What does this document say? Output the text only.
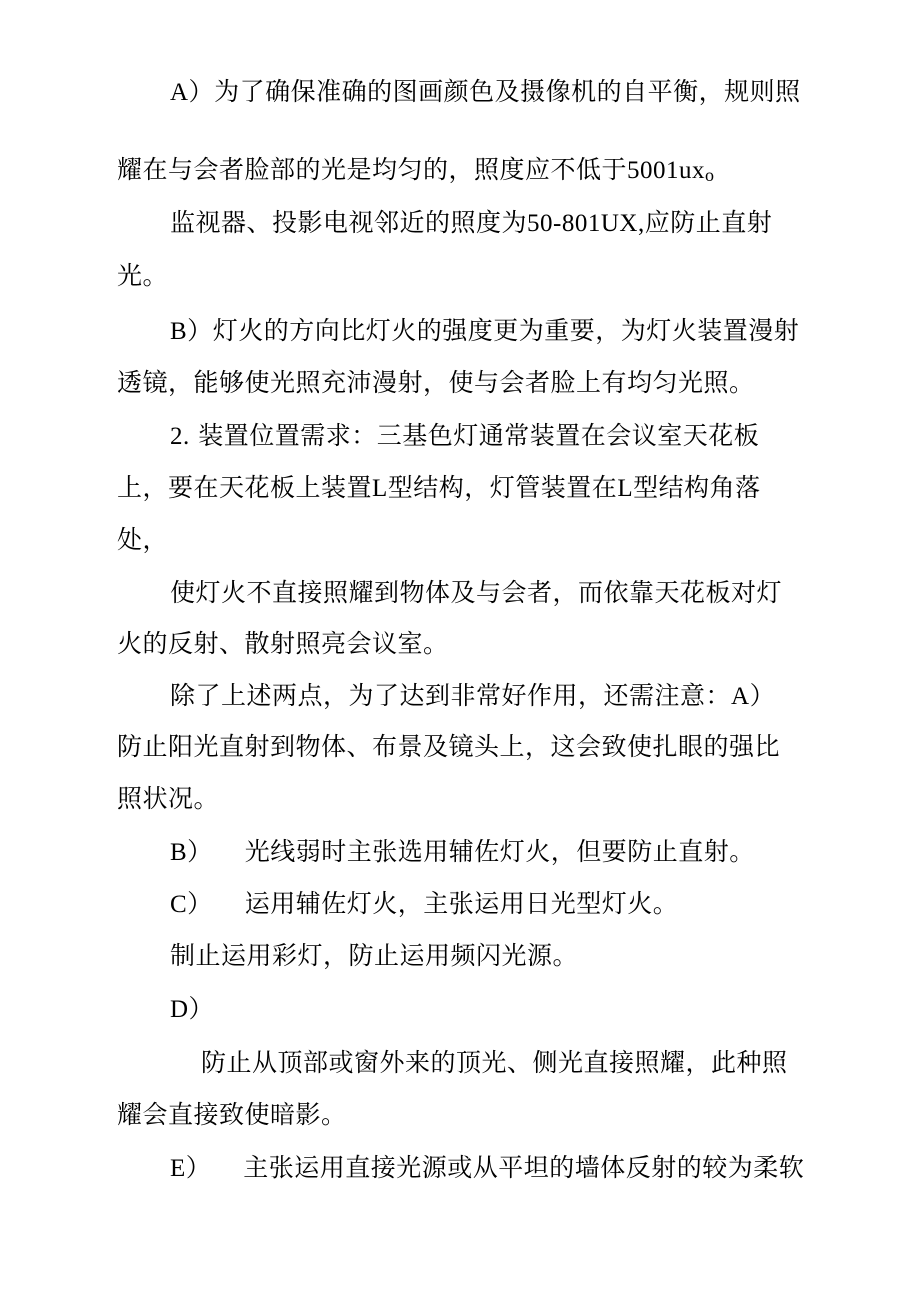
A）为了确保准确的图画颜色及摄像机的自平衡，规则照
耀在与会者脸部的光是均匀的，照度应不低于5001uxo
监视器、投影电视邻近的照度为50-801UX,应防止直射
光。
B）灯火的方向比灯火的强度更为重要，为灯火装置漫射
透镜，能够使光照充沛漫射，使与会者脸上有均匀光照。
2. 装置位置需求：三基色灯通常装置在会议室天花板
上，要在天花板上装置L型结构，灯管装置在L型结构角落
处，
使灯火不直接照耀到物体及与会者，而依靠天花板对灯
火的反射、散射照亮会议室。
除了上述两点，为了达到非常好作用，还需注意：A）
防止阳光直射到物体、布景及镜头上，这会致使扎眼的强比
照状况。
B） 光线弱时主张选用辅佐灯火，但要防止直射。
C） 运用辅佐灯火，主张运用日光型灯火。
制止运用彩灯，防止运用频闪光源。
D）
防止从顶部或窗外来的顶光、侧光直接照耀，此种照
耀会直接致使暗影。
E） 主张运用直接光源或从平坦的墙体反射的较为柔软
